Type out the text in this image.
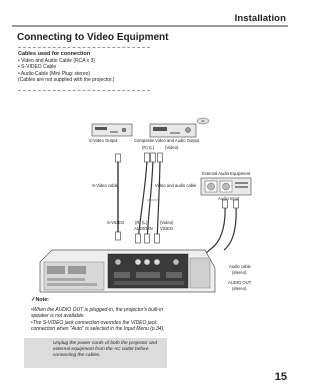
Installation
Connecting to Video Equipment
Cables used for connection
• Video and Audio Cable (RCA x 3)
• S-VIDEO Cable
• Audio Cable (Mini Plug: stereo)
(Cables are not supplied with the projector.)
S-Video Output	Composite Video and Audio Output
(R) (L)	(Video)
External Audio Equipment
S-Video cable	Video and audio cable
Audio Input
S-VIDEO	(R) (L)	(Video)
AUDIO IN VIDEO
Audio cable
(stereo)
AUDIO OUT
(stereo)
✓Note:
•When the AUDIO OUT is plugged-in, the projector's built-in speaker is not available.
•The S-VIDEO jack connection overrides the VIDEO jack connection when "Auto" is selected in the Input Menu (p.34).
Unplug the power cords of both the projector and external equipment from the AC outlet before connecting the cables.
15
